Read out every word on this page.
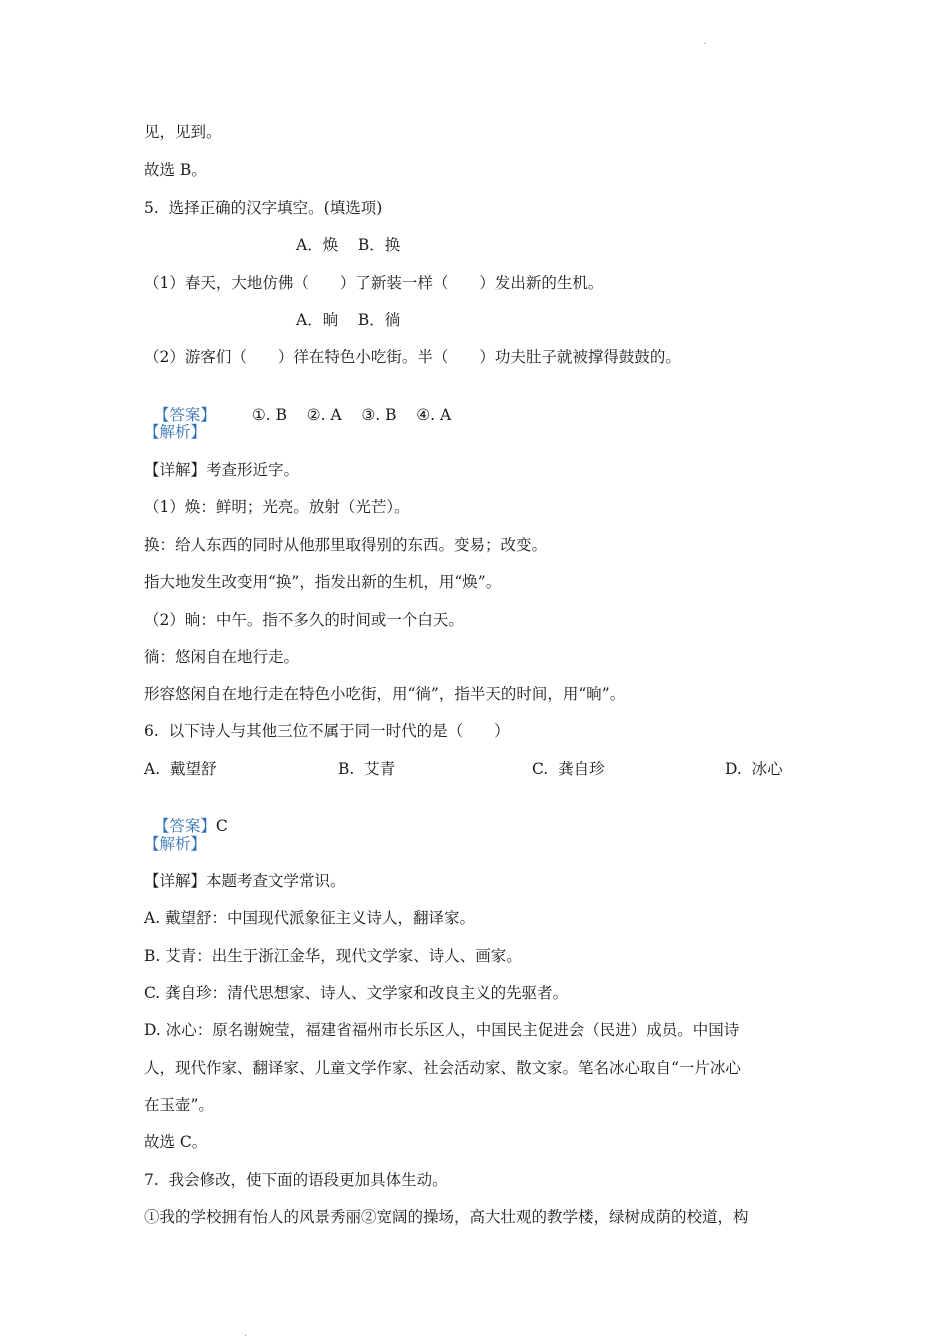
.
见，见到。
故选 B。
5.  选择正确的汉字填空。(填选项)
A．焕    B．换
（1）春天，大地仿佛（　　）了新装一样（　　）发出新的生机。
A．晌    B．徜
（2）游客们（　　）徉在特色小吃街。半（　　）功夫肚子就被撑得鼓鼓的。

【答案】 ①. B    ②. A    ③. B    ④. A

【解析】
【详解】考查形近字。
（1）焕：鲜明；光亮。放射（光芒）。
换：给人东西的同时从他那里取得别的东西。变易；改变。
指大地发生改变用“换”，指发出新的生机，用“焕”。
（2）晌：中午。指不多久的时间或一个白天。
徜：悠闲自在地行走。
形容悠闲自在地行走在特色小吃街，用“徜”，指半天的时间，用“晌”。
6.  以下诗人与其他三位不属于同一时代的是（　　）
A.  戴望舒	B.  艾青	C.  龚自珍	D.  冰心

【答案】C

【解析】
【详解】本题考查文学常识。
A. 戴望舒：中国现代派象征主义诗人，翻译家。
B. 艾青：出生于浙江金华，现代文学家、诗人、画家。
C. 龚自珍：清代思想家、诗人、文学家和改良主义的先驱者。
D. 冰心：原名谢婉莹，福建省福州市长乐区人，中国民主促进会（民进）成员。中国诗
人，现代作家、翻译家、儿童文学作家、社会活动家、散文家。笔名冰心取自“一片冰心
在玉壶”。
故选 C。
7.  我会修改，使下面的语段更加具体生动。
①我的学校拥有怡人的风景秀丽②宽阔的操场，高大壮观的教学楼，绿树成荫的校道，构
.
